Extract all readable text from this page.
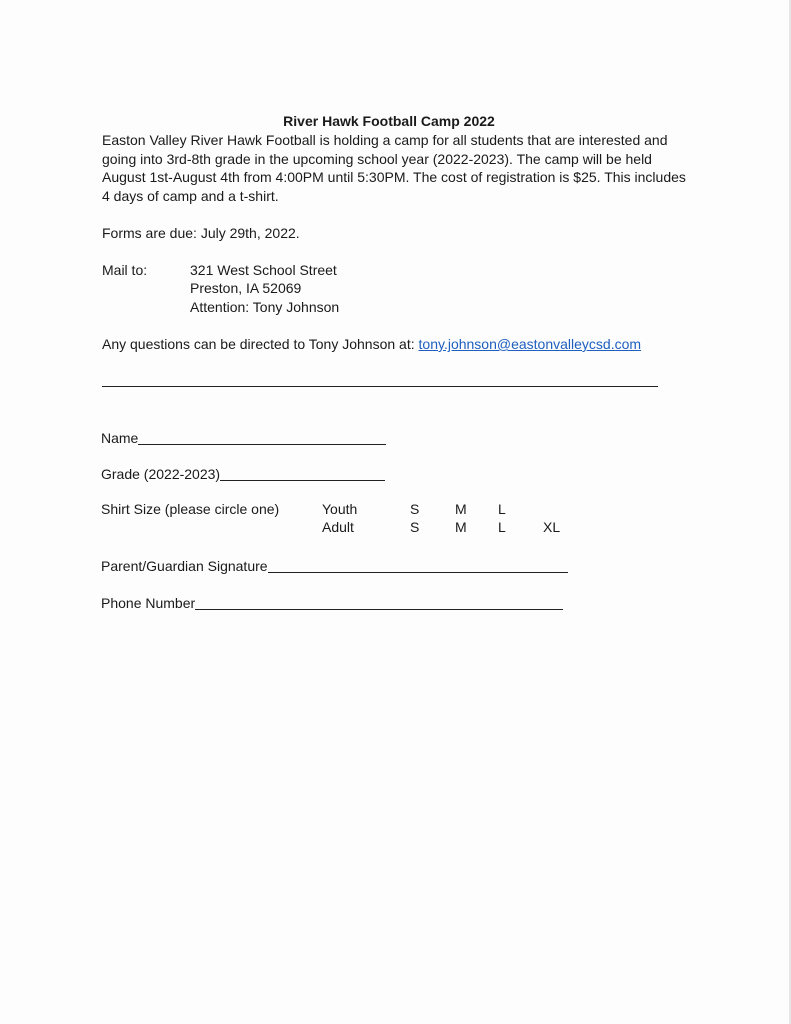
River Hawk Football Camp 2022
Easton Valley River Hawk Football is holding a camp for all students that are interested and
going into 3rd-8th grade in the upcoming school year (2022-2023). The camp will be held
August 1st-August 4th from 4:00PM until 5:30PM. The cost of registration is $25. This includes
4 days of camp and a t-shirt.
Forms are due: July 29th, 2022.
Mail to:	321 West School Street
Preston, IA 52069
Attention: Tony Johnson
Any questions can be directed to Tony Johnson at: tony.johnson@eastonvalleycsd.com
Name
Grade (2022-2023)
Shirt Size (please circle one)	Youth	S	M L
Adult	S	M L	XL
Parent/Guardian Signature
Phone Number
